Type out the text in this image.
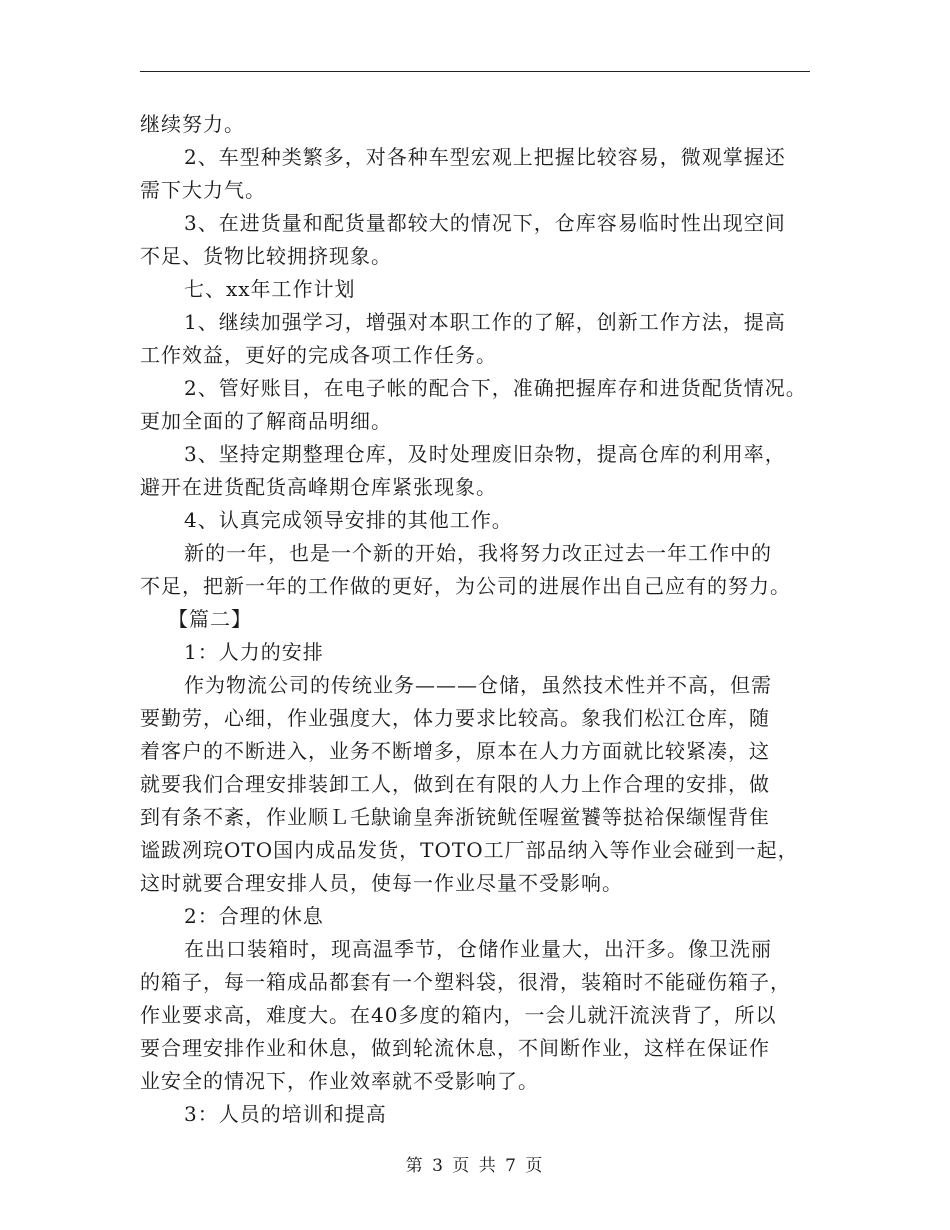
继续努力。
2、车型种类繁多，对各种车型宏观上把握比较容易，微观掌握还
需下大力气。
3、在进货量和配货量都较大的情况下，仓库容易临时性出现空间
不足、货物比较拥挤现象。
七、xx年工作计划
1、继续加强学习，增强对本职工作的了解，创新工作方法，提高
工作效益，更好的完成各项工作任务。
2、管好账目，在电子帐的配合下，准确把握库存和进货配货情况。
更加全面的了解商品明细。
3、坚持定期整理仓库，及时处理废旧杂物，提高仓库的利用率，
避开在进货配货高峰期仓库紧张现象。
4、认真完成领导安排的其他工作。
新的一年，也是一个新的开始，我将努力改正过去一年工作中的
不足，把新一年的工作做的更好，为公司的进展作出自己应有的努力。
【篇二】
1：人力的安排
作为物流公司的传统业务———仓储，虽然技术性并不高，但需
要勤劳，心细，作业强度大，体力要求比较高。象我们松江仓库，随
着客户的不断进入，业务不断增多，原本在人力方面就比较紧凑，这
就要我们合理安排装卸工人，做到在有限的人力上作合理的安排，做
到有条不紊，作业顺Ｌ乇鴃谕皇奔浙铳鱿侄喔鲎饕等挞袷保缬惺背隹
谧跋冽琓OTO国内成品发货，TOTO工厂部品纳入等作业会碰到一起，
这时就要合理安排人员，使每一作业尽量不受影响。
2：合理的休息
在出口装箱时，现高温季节，仓储作业量大，出汗多。像卫洗丽
的箱子，每一箱成品都套有一个塑料袋，很滑，装箱时不能碰伤箱子，
作业要求高，难度大。在40多度的箱内，一会儿就汗流浃背了，所以
要合理安排作业和休息，做到轮流休息，不间断作业，这样在保证作
业安全的情况下，作业效率就不受影响了。
3：人员的培训和提高
第 3 页 共 7 页
